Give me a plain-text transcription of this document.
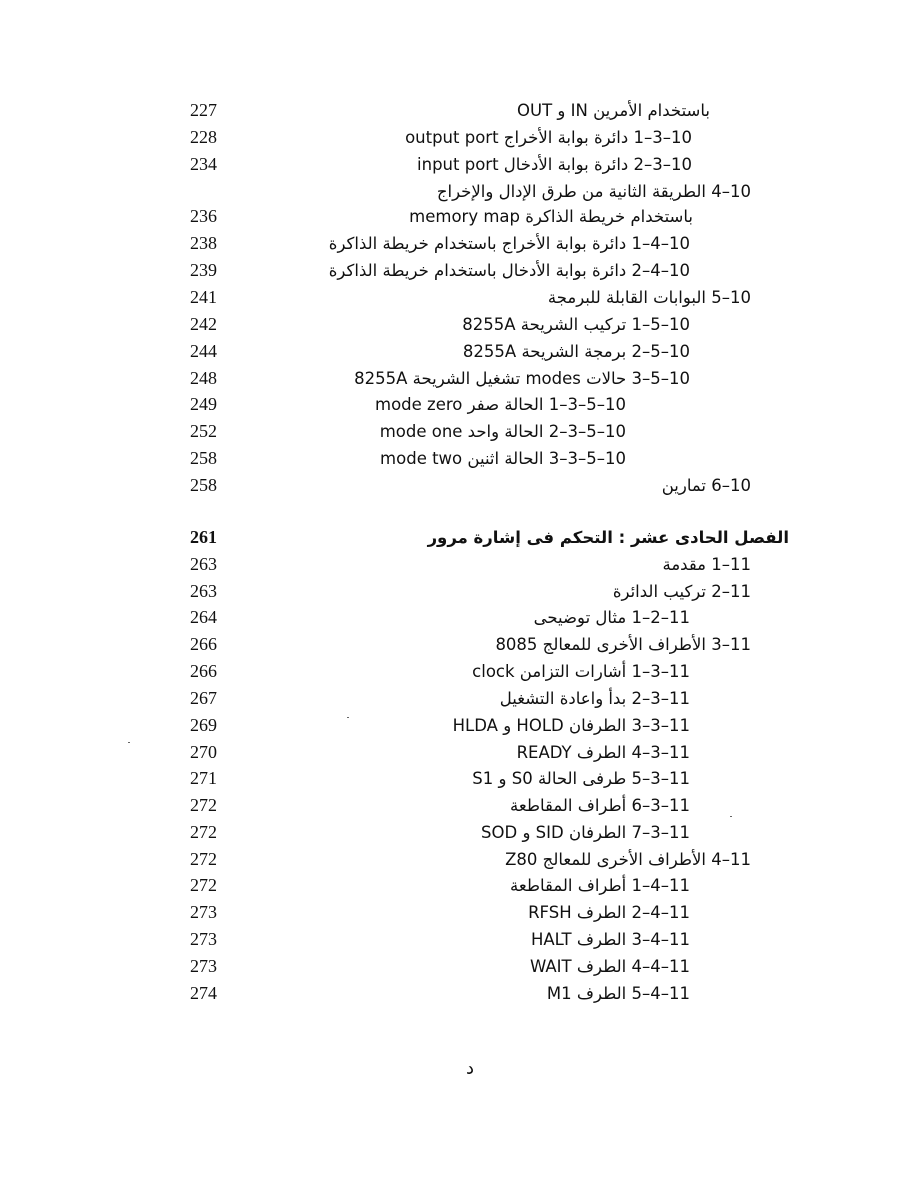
227	باستخدام الأمرين IN و OUT
228	10–3–1 دائرة بوابة الأخراج output port
234	10–3–2 دائرة بوابة الأدخال input port
10–4 الطريقة الثانية من طرق الإدال والإخراج
236	باستخدام خريطة الذاكرة memory map
238	10–4–1 دائرة بوابة الأخراج باستخدام خريطة الذاكرة
239	10–4–2 دائرة بوابة الأدخال باستخدام خريطة الذاكرة
241	10–5 البوابات القابلة للبرمجة
242	10–5–1 تركيب الشريحة 8255A
244	10–5–2 برمجة الشريحة 8255A
248	10–5–3 حالات modes تشغيل الشريحة 8255A
249	10–5–3–1 الحالة صفر mode zero
252	10–5–3–2 الحالة واحد mode one
258	10–5–3–3 الحالة اثنين mode two
258	10–6 تمارين
261	الفصل الحادى عشر : التحكم فى إشارة مرور
263	11–1 مقدمة
263	11–2 تركيب الدائرة
264	11–2–1 مثال توضيحى
266	11–3 الأطراف الأخرى للمعالج 8085
266	11–3–1 أشارات التزامن clock
267	11–3–2 بدأ واعادة التشغيل
269	11–3–3 الطرفان HOLD و HLDA
270	11–3–4 الطرف READY
271	11–3–5 طرفى الحالة S0 و S1
272	11–3–6 أطراف المقاطعة
272	11–3–7 الطرفان SID و SOD
272	11–4 الأطراف الأخرى للمعالج Z80
272	11–4–1 أطراف المقاطعة
273	11–4–2 الطرف RFSH
273	11–4–3 الطرف HALT
273	11–4–4 الطرف WAIT
274	11–4–5 الطرف M1
د
